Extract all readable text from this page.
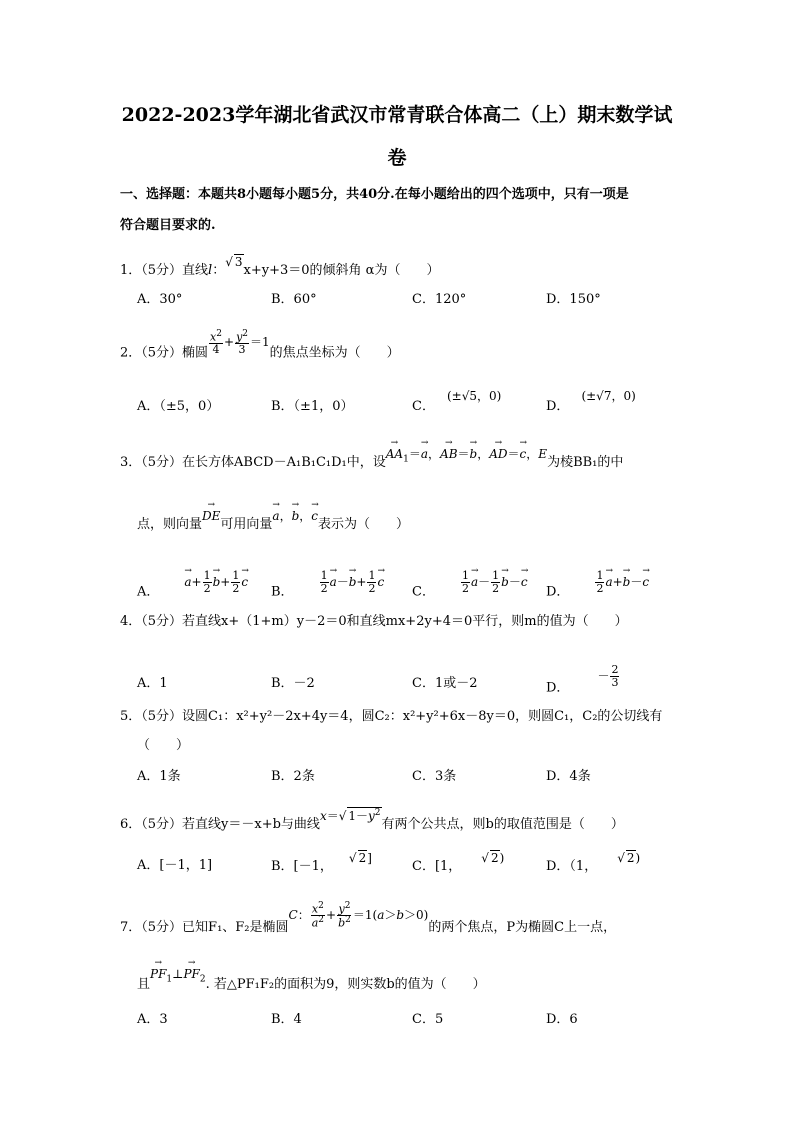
2022-2023学年湖北省武汉市常青联合体高二（上）期末数学试
卷
一、选择题：本题共8小题每小题5分，共40分.在每小题给出的四个选项中，只有一项是
符合题目要求的.
1．（5分）直线l：√ 3x+y+3＝0的倾斜角 α为（　　）
A．30°	B．60°	C．120°	D．150°
2．（5分）椭圆 $\frac{x^2}{4} + \frac{y^2}{3} =1$的焦点坐标为（　　）
A．（±5，0）	B．（±1，0）	C．(±√5，0)
D．(±√7，0)
3．（5分）在长方体ABCD－A₁B₁C₁D₁中，设→ $AA_1=\to a$，→ AB＝→ b，→ AD＝→ c，E为棱BB₁的中
点，则向量→ DE可用向量→ a，→ b，→ c表示为（　　）
A．→ $a+ \frac{1}{2}$
→ $b+ \frac{1}{2}$
→ c
B． $\frac{1}{2}$
→ $a-\to b+ \frac{1}{2}$
→ c
C． $\frac{1}{2}$
→ $a- \frac{1}{2}$
→ b－→ c
D． $\frac{1}{2}$
→ a+→ b－→ c
4．（5分）若直线x+（1+m）y－2＝0和直线mx+2y+4＝0平行，则m的值为（　　）
A．1	B．－2	C．1或－2	D．－ $\frac{2}{3}$
5．（5分）设圆C₁：x²+y²－2x+4y＝4，圆C₂：x²+y²+6x－8y＝0，则圆C₁，C₂的公切线有
（　　）
A．1条	B．2条	C．3条	D．4条
6．（5分）若直线y＝－x+b与曲线x＝√ $1-y^2$有两个公共点，则b的取值范围是（　　）
A．[－1，1]	B．[－1，√ 2]
C．[1，√ 2)
D．（1，√ 2)
7．（5分）已知F₁、F₂是椭圆C： $\frac{x^2}{a^2} + \frac{y^2}{b^2} =1(a>b>0)$的两个焦点，P为椭圆C上一点，
且→ $PF_1\perp\to PF_2$. 若△PF₁F₂的面积为9，则实数b的值为（　　）
A．3	B．4	C．5	D．6
